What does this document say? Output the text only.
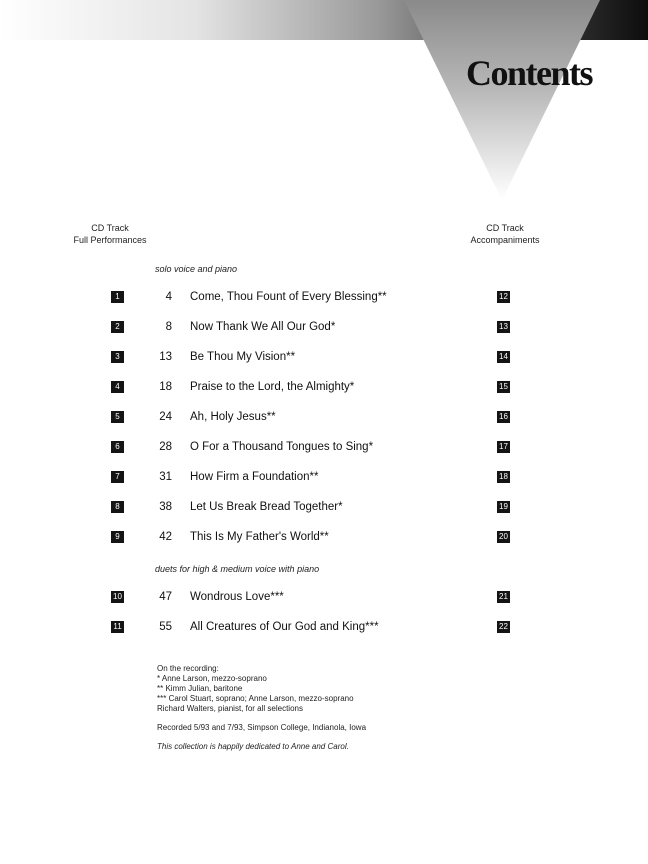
Contents
CD Track
Full Performances
CD Track
Accompaniments
solo voice and piano
1	4 Come, Thou Fount of Every Blessing**	12
2	8 Now Thank We All Our God*	13
3	13 Be Thou My Vision**	14
4	18 Praise to the Lord, the Almighty*	15
5	24 Ah, Holy Jesus**	16
6	28 O For a Thousand Tongues to Sing*	17
7	31 How Firm a Foundation**	18
8	38 Let Us Break Bread Together*	19
9	42 This Is My Father's World**	20
duets for high & medium voice with piano
10	47 Wondrous Love***	21
11	55 All Creatures of Our God and King***	22
On the recording:
* Anne Larson, mezzo-soprano
** Kimm Julian, baritone
*** Carol Stuart, soprano; Anne Larson, mezzo-soprano
Richard Walters, pianist, for all selections
Recorded 5/93 and 7/93, Simpson College, Indianola, Iowa
This collection is happily dedicated to Anne and Carol.
